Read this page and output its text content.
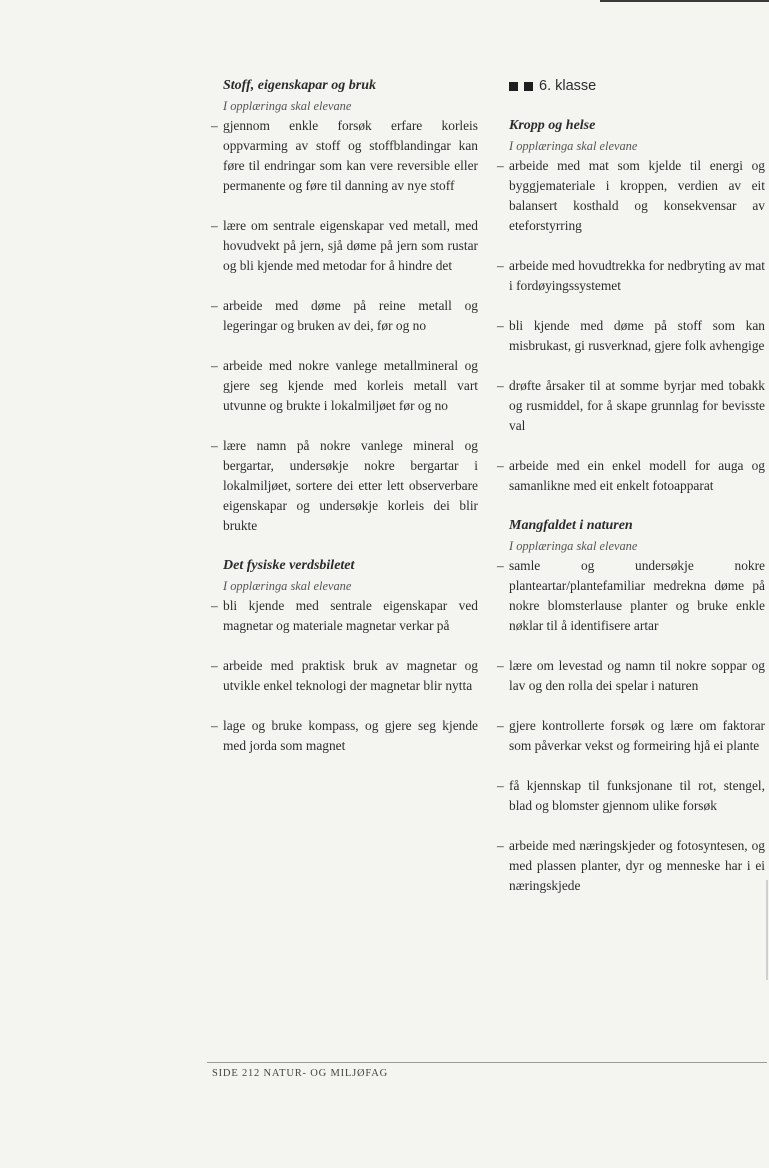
Stoff, eigenskapar og bruk
I opplæringa skal elevane
– gjennom enkle forsøk erfare korleis oppvarming av stoff og stoffblandingar kan føre til endringar som kan vere reversible eller permanente og føre til danning av nye stoff
– lære om sentrale eigenskapar ved metall, med hovudvekt på jern, sjå døme på jern som rustar og bli kjende med metodar for å hindre det
– arbeide med døme på reine metall og legeringar og bruken av dei, før og no
– arbeide med nokre vanlege metallmineral og gjere seg kjende med korleis metall vart utvunne og brukte i lokalmiljøet før og no
– lære namn på nokre vanlege mineral og bergartar, undersøkje nokre bergartar i lokalmiljøet, sortere dei etter lett observerbare eigenskapar og undersøkje korleis dei blir brukte
Det fysiske verdsbiletet
I opplæringa skal elevane
– bli kjende med sentrale eigenskapar ved magnetar og materiale magnetar verkar på
– arbeide med praktisk bruk av magnetar og utvikle enkel teknologi der magnetar blir nytta
– lage og bruke kompass, og gjere seg kjende med jorda som magnet
6. klasse
Kropp og helse
I opplæringa skal elevane
– arbeide med mat som kjelde til energi og byggjemateriale i kroppen, verdien av eit balansert kosthald og konsekvensar av eteforstyrring
– arbeide med hovudtrekka for nedbryting av mat i fordøyingssystemet
– bli kjende med døme på stoff som kan misbrukast, gi rusverknad, gjere folk avhengige
– drøfte årsaker til at somme byrjar med tobakk og rusmiddel, for å skape grunnlag for bevisste val
– arbeide med ein enkel modell for auga og samanlikne med eit enkelt fotoapparat
Mangfaldet i naturen
I opplæringa skal elevane
– samle og undersøkje nokre planteartar/plantefamiliar medrekna døme på nokre blomsterlause planter og bruke enkle nøklar til å identifisere artar
– lære om levestad og namn til nokre soppar og lav og den rolla dei spelar i naturen
– gjere kontrollerte forsøk og lære om faktorar som påverkar vekst og formeiring hjå ei plante
– få kjennskap til funksjonane til rot, stengel, blad og blomster gjennom ulike forsøk
– arbeide med næringskjeder og fotosyntesen, og med plassen planter, dyr og menneske har i ei næringskjede
SIDE 212 NATUR- OG MILJØFAG
